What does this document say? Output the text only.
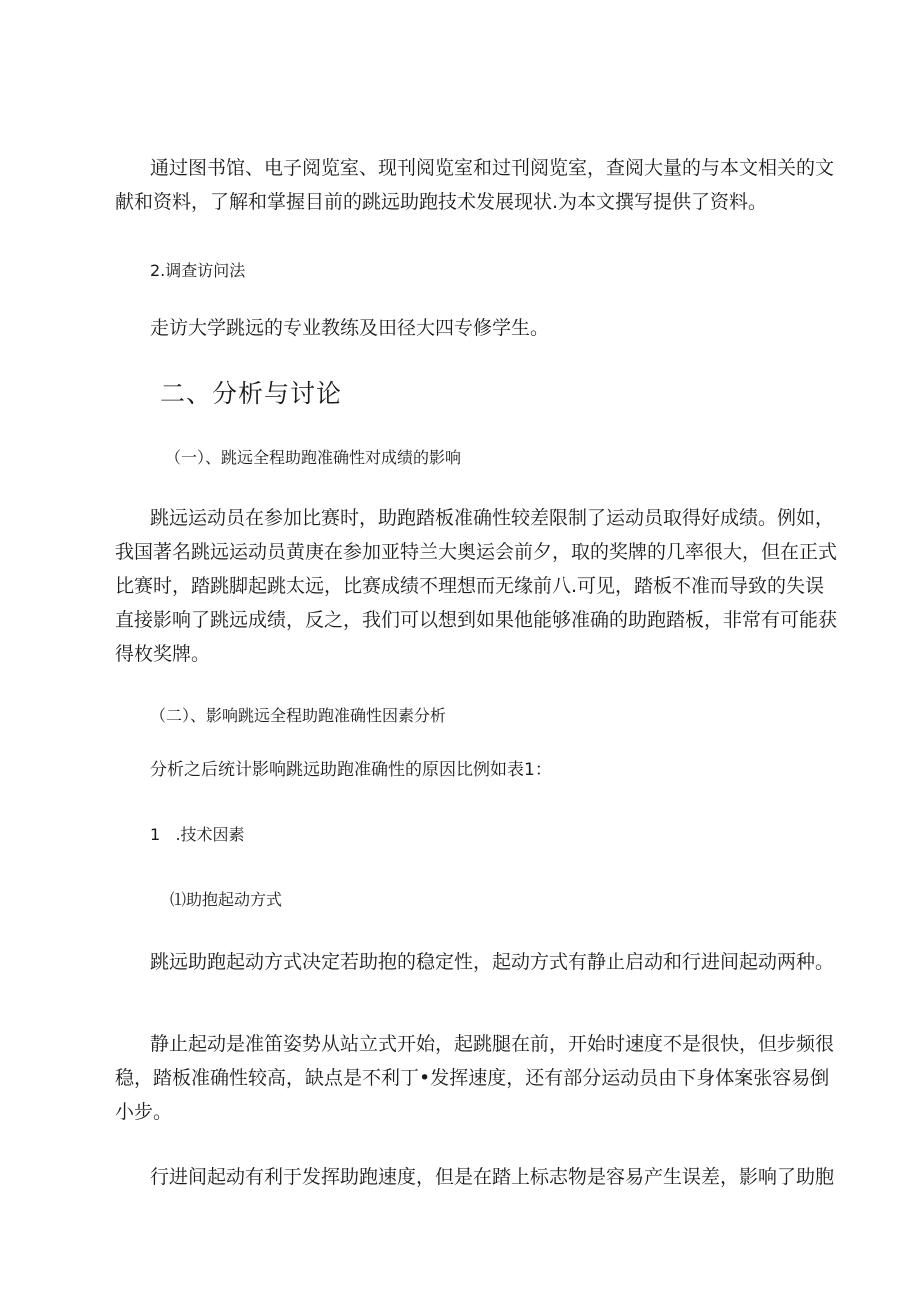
通过图书馆、电子阅览室、现刊阅览室和过刊阅览室，查阅大量的与本文相关的文
献和资料，了解和掌握目前的跳远助跑技术发展现状.为本文撰写提供了资料。
2.调查访问法
走访大学跳远的专业教练及田径大四专修学生。
二、分析与讨论
（一）、跳远全程助跑准确性对成绩的影响
跳远运动员在参加比赛时，助跑踏板准确性较差限制了运动员取得好成绩。例如，
我国著名跳远运动员黄庚在参加亚特兰大奥运会前夕，取的奖牌的几率很大，但在正式
比赛时，踏跳脚起跳太远，比赛成绩不理想而无缘前八.可见，踏板不准而导致的失误
直接影响了跳远成绩，反之，我们可以想到如果他能够准确的助跑踏板，非常有可能获
得枚奖牌。
（二）、影响跳远全程助跑准确性因素分析
分析之后统计影响跳远助跑准确性的原因比例如表1：
1   .技术因素
⑴助抱起动方式
跳远助跑起动方式决定若助抱的稳定性，起动方式有静止启动和行进间起动两种。
静止起动是准笛姿势从站立式开始，起跳腿在前，开始时速度不是很快，但步频很
稳，踏板准确性较高，缺点是不利丁•发挥速度，还有部分运动员由下身体案张容易倒
小步。
行进间起动有利于发挥助跑速度，但是在踏上标志物是容易产生误差，影响了助胞
